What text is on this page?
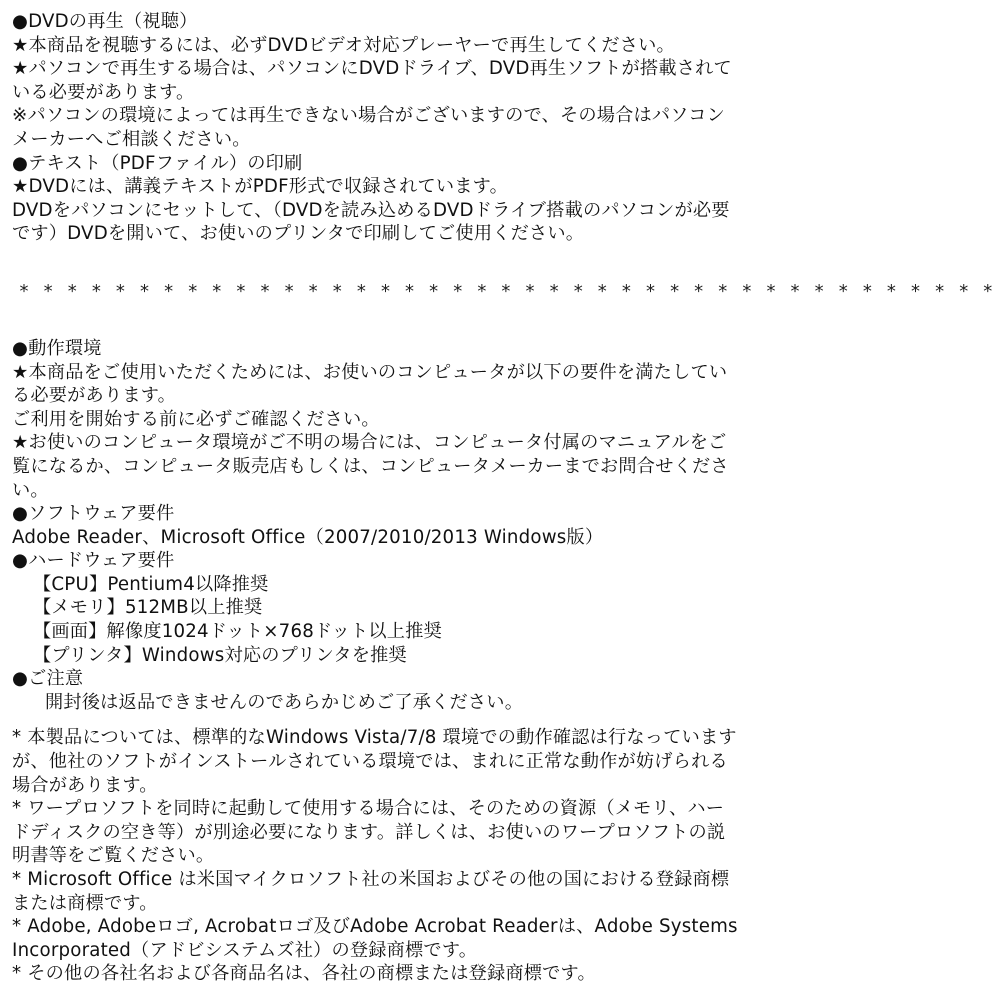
●DVDの再生（視聴）
★本商品を視聴するには、必ずDVDビデオ対応プレーヤーで再生してください。
★パソコンで再生する場合は、パソコンにDVDドライブ、DVD再生ソフトが搭載されて
いる必要があります。
※パソコンの環境によっては再生できない場合がございますので、その場合はパソコン
メーカーへご相談ください。
●テキスト（PDFファイル）の印刷
★DVDには、講義テキストがPDF形式で収録されています。
DVDをパソコンにセットして、（DVDを読み込めるDVDドライブ搭載のパソコンが必要
です）DVDを開いて、お使いのプリンタで印刷してご使用ください。
* * * * * * * * * * * * * * * * * * * * * * * * * * * * * * * * * * * * * * * * *
●動作環境
★本商品をご使用いただくためには、お使いのコンピュータが以下の要件を満たしてい
る必要があります。
ご利用を開始する前に必ずご確認ください。
★お使いのコンピュータ環境がご不明の場合には、コンピュータ付属のマニュアルをご
覧になるか、コンピュータ販売店もしくは、コンピュータメーカーまでお問合せくださ
い。
●ソフトウェア要件
Adobe Reader、Microsoft Office（2007/2010/2013 Windows版）
●ハードウェア要件
【CPU】Pentium4以降推奨
【メモリ】512MB以上推奨
【画面】解像度1024ドット×768ドット以上推奨
【プリンタ】Windows対応のプリンタを推奨
●ご注意
開封後は返品できませんのであらかじめご了承ください。
* 本製品については、標準的なWindows Vista/7/8 環境での動作確認は行なっています
が、他社のソフトがインストールされている環境では、まれに正常な動作が妨げられる
場合があります。
* ワープロソフトを同時に起動して使用する場合には、そのための資源（メモリ、ハー
ドディスクの空き等）が別途必要になります。詳しくは、お使いのワープロソフトの説
明書等をご覧ください。
* Microsoft Office は米国マイクロソフト社の米国およびその他の国における登録商標
または商標です。
* Adobe, Adobeロゴ, Acrobatロゴ及びAdobe Acrobat Readerは、Adobe Systems
Incorporated（アドビシステムズ社）の登録商標です。
* その他の各社名および各商品名は、各社の商標または登録商標です。
